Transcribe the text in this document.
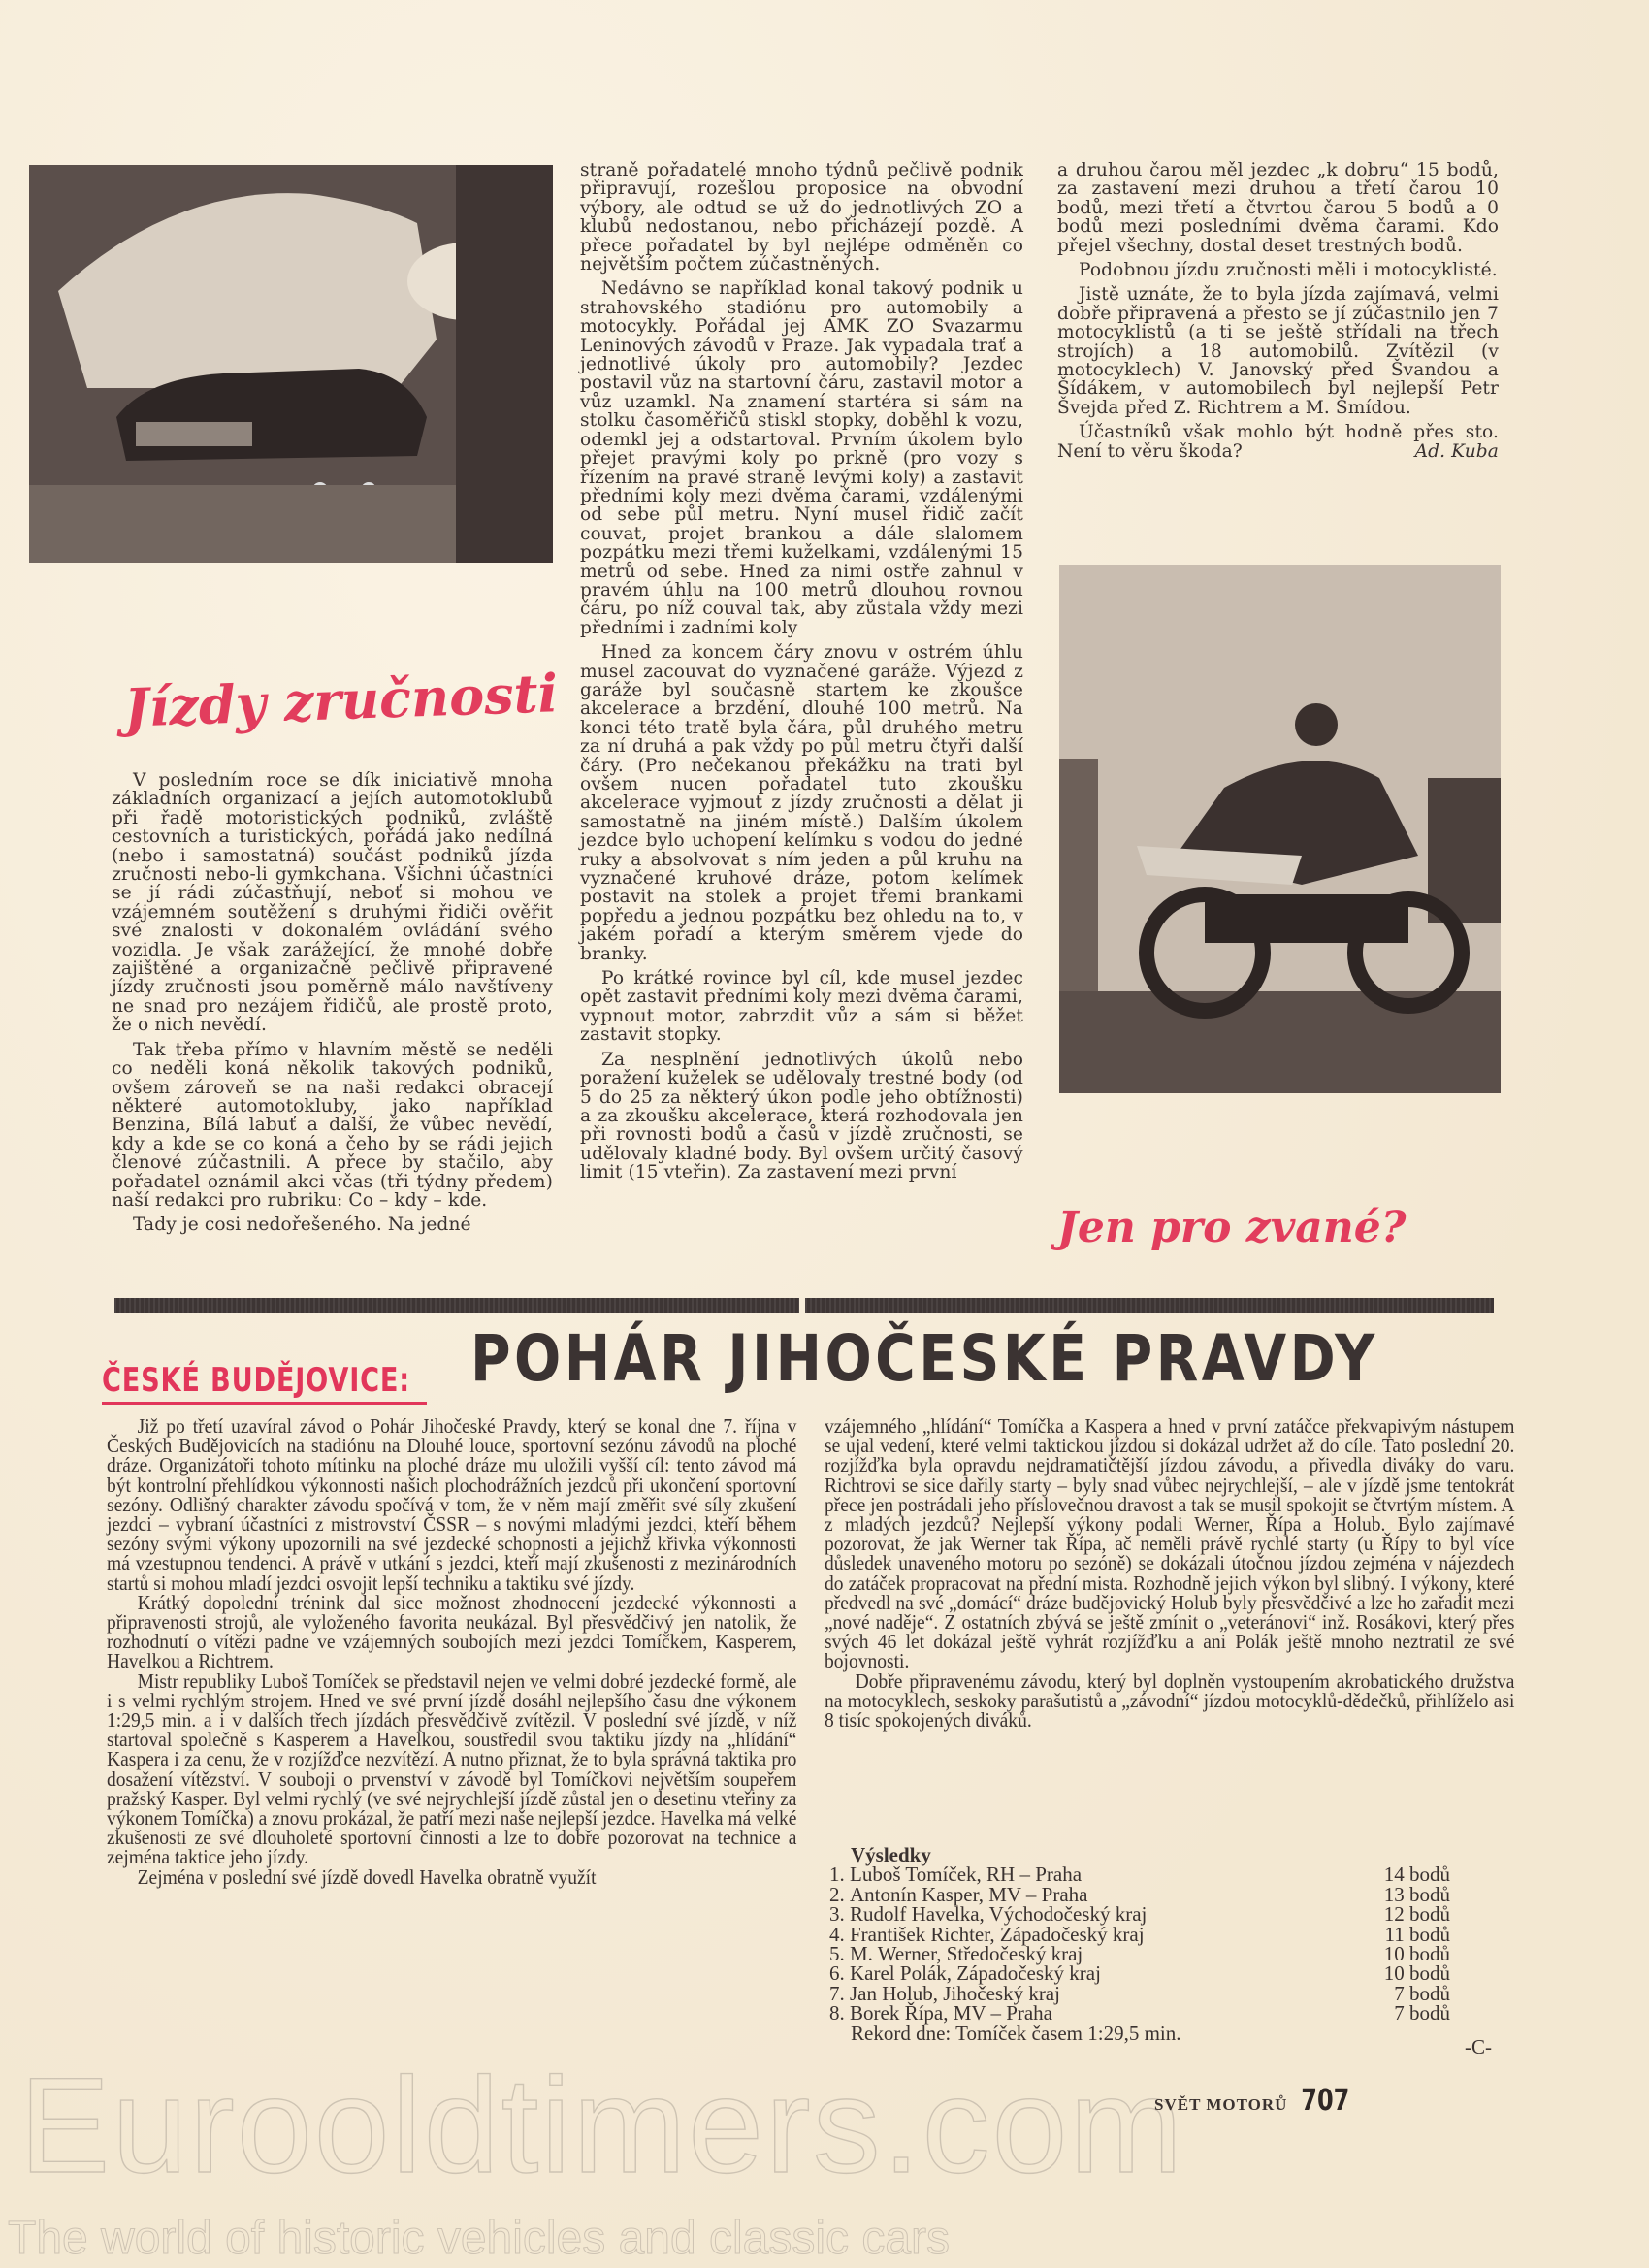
Jízdy zručnosti

V posledním roce se dík iniciativě mnoha základních organizací a jejích automotoklubů při řadě motoristických podniků, zvláště cestovních a turistických, pořádá jako nedílná (nebo i samostatná) součást podniků jízda zručnosti nebo-li gymkchana. Všichni účastníci se jí rádi zúčastňují, neboť si mohou ve vzájemném soutěžení s druhými řidiči ověřit své znalosti v dokonalém ovládání svého vozidla. Je však zarážející, že mnohé dobře zajištěné a organizačně pečlivě připravené jízdy zručnosti jsou poměrně málo navštíveny ne snad pro nezájem řidičů, ale prostě proto, že o nich nevědí.

Tak třeba přímo v hlavním městě se neděli co neděli koná několik takových podniků, ovšem zároveň se na naši redakci obracejí některé automotokluby, jako například Benzina, Bílá labuť a další, že vůbec nevědí, kdy a kde se co koná a čeho by se rádi jejich členové zúčastnili. A přece by stačilo, aby pořadatel oznámil akci včas (tři týdny předem) naší redakci pro rubriku: Co – kdy – kde.

Tady je cosi nedořešeného. Na jedné

straně pořadatelé mnoho týdnů pečlivě podnik připravují, rozešlou proposice na obvodní výbory, ale odtud se už do jednotlivých ZO a klubů nedostanou, nebo přicházejí pozdě. A přece pořadatel by byl nejlépe odměněn co největším počtem zúčastněných.

Nedávno se například konal takový podnik u strahovského stadiónu pro automobily a motocykly. Pořádal jej AMK ZO Svazarmu Leninových závodů v Praze. Jak vypadala trať a jednotlivé úkoly pro automobily? Jezdec postavil vůz na startovní čáru, zastavil motor a vůz uzamkl. Na znamení startéra si sám na stolku časoměřičů stiskl stopky, doběhl k vozu, odemkl jej a odstartoval. Prvním úkolem bylo přejet pravými koly po prkně (pro vozy s řízením na pravé straně levými koly) a zastavit předními koly mezi dvěma čarami, vzdálenými od sebe půl metru. Nyní musel řidič začít couvat, projet brankou a dále slalomem pozpátku mezi třemi kuželkami, vzdálenými 15 metrů od sebe. Hned za nimi ostře zahnul v pravém úhlu na 100 metrů dlouhou rovnou čáru, po níž couval tak, aby zůstala vždy mezi předními i zadními koly

Hned za koncem čáry znovu v ostrém úhlu musel zacouvat do vyznačené garáže. Výjezd z garáže byl současně startem ke zkoušce akcelerace a brzdění, dlouhé 100 metrů. Na konci této tratě byla čára, půl druhého metru za ní druhá a pak vždy po půl metru čtyři další čáry. (Pro nečekanou překážku na trati byl ovšem nucen pořadatel tuto zkoušku akcelerace vyjmout z jízdy zručnosti a dělat ji samostatně na jiném místě.) Dalším úkolem jezdce bylo uchopení kelímku s vodou do jedné ruky a absolvovat s ním jeden a půl kruhu na vyznačené kruhové dráze, potom kelímek postavit na stolek a projet třemi brankami popředu a jednou pozpátku bez ohledu na to, v jakém pořadí a kterým směrem vjede do branky.

Po krátké rovince byl cíl, kde musel jezdec opět zastavit předními koly mezi dvěma čarami, vypnout motor, zabrzdit vůz a sám si běžet zastavit stopky.

Za nesplnění jednotlivých úkolů nebo poražení kuželek se udělovaly trestné body (od 5 do 25 za některý úkon podle jeho obtížnosti) a za zkoušku akcelerace, která rozhodovala jen při rovnosti bodů a časů v jízdě zručnosti, se udělovaly kladné body. Byl ovšem určitý časový limit (15 vteřin). Za zastavení mezi první

a druhou čarou měl jezdec „k dobru“ 15 bodů, za zastavení mezi druhou a třetí čarou 10 bodů, mezi třetí a čtvrtou čarou 5 bodů a 0 bodů mezi posledními dvěma čarami. Kdo přejel všechny, dostal deset trestných bodů.

Podobnou jízdu zručnosti měli i motocyklisté.

Jistě uznáte, že to byla jízda zajímavá, velmi dobře připravená a přesto se jí zúčastnilo jen 7 motocyklistů (a ti se ještě střídali na třech strojích) a 18 automobilů. Zvítězil (v motocyklech) V. Janovský před Švandou a Šídákem, v automobilech byl nejlepší Petr Švejda před Z. Richtrem a M. Šmídou.

Účastníků však mohlo být hodně přes sto. Není to věru škoda?	Ad. Kuba
Jen pro zvané?
ČESKÉ BUDĚJOVICE: POHÁR JIHOČESKÉ PRAVDY

Již po třetí uzavíral závod o Pohár Jihočeské Pravdy, který se konal dne 7. října v Českých Budějovicích na stadiónu na Dlouhé louce, sportovní sezónu závodů na ploché dráze. Organizátoři tohoto mítinku na ploché dráze mu uložili vyšší cíl: tento závod má být kontrolní přehlídkou výkonnosti našich plochodrážních jezdců při ukončení sportovní sezóny. Odlišný charakter závodu spočívá v tom, že v něm mají změřit své síly zkušení jezdci – vybraní účastníci z mistrovství ČSSR – s novými mladými jezdci, kteří během sezóny svými výkony upozornili na své jezdecké schopnosti a jejichž křivka výkonnosti má vzestupnou tendenci. A právě v utkání s jezdci, kteří mají zkušenosti z mezinárodních startů si mohou mladí jezdci osvojit lepší techniku a taktiku své jízdy.

Krátký dopolední trénink dal sice možnost zhodnocení jezdecké výkonnosti a připravenosti strojů, ale vyloženého favorita neukázal. Byl přesvědčivý jen natolik, že rozhodnutí o vítězi padne ve vzájemných soubojích mezi jezdci Tomíčkem, Kasperem, Havelkou a Richtrem.

Mistr republiky Luboš Tomíček se představil nejen ve velmi dobré jezdecké formě, ale i s velmi rychlým strojem. Hned ve své první jízdě dosáhl nejlepšího času dne výkonem 1:29,5 min. a i v dalších třech jízdách přesvědčivě zvítězil. V poslední své jízdě, v níž startoval společně s Kasperem a Havelkou, soustředil svou taktiku jízdy na „hlídání“ Kaspera i za cenu, že v rozjížďce nezvítězí. A nutno přiznat, že to byla správná taktika pro dosažení vítězství. V souboji o prvenství v závodě byl Tomíčkovi největším soupeřem pražský Kasper. Byl velmi rychlý (ve své nejrychlejší jízdě zůstal jen o desetinu vteřiny za výkonem Tomíčka) a znovu prokázal, že patří mezi naše nejlepší jezdce. Havelka má velké zkušenosti ze své dlouholeté sportovní činnosti a lze to dobře pozorovat na technice a zejména taktice jeho jízdy.

Zejména v poslední své jízdě dovedl Havelka obratně využít

vzájemného „hlídání“ Tomíčka a Kaspera a hned v první zatáčce překvapivým nástupem se ujal vedení, které velmi taktickou jízdou si dokázal udržet až do cíle. Tato poslední 20. rozjížďka byla opravdu nejdramatičtější jízdou závodu, a přivedla diváky do varu. Richtrovi se sice dařily starty – byly snad vůbec nejrychlejší, – ale v jízdě jsme tentokrát přece jen postrádali jeho příslovečnou dravost a tak se musil spokojit se čtvrtým místem. A z mladých jezdců? Nejlepší výkony podali Werner, Řípa a Holub. Bylo zajímavé pozorovat, že jak Werner tak Řípa, ač neměli právě rychlé starty (u Řípy to byl více důsledek unaveného motoru po sezóně) se dokázali útočnou jízdou zejména v nájezdech do zatáček propracovat na přední mista. Rozhodně jejich výkon byl slibný. I výkony, které předvedl na své „domácí“ dráze budějovický Holub byly přesvědčivé a lze ho zařadit mezi „nové naděje“. Z ostatních zbývá se ještě zmínit o „veteránovi“ inž. Rosákovi, který přes svých 46 let dokázal ještě vyhrát rozjížďku a ani Polák ještě mnoho neztratil ze své bojovnosti.

Dobře připravenému závodu, který byl doplněn vystoupením akrobatického družstva na motocyklech, seskoky parašutistů a „závodní“ jízdou motocyklů-dědečků, přihlíželo asi 8 tisíc spokojených diváků.

Výsledky
1.
Luboš Tomíček, RH – Praha	14 bodů
2.
Antonín Kasper, MV – Praha	13 bodů
3.
Rudolf Havelka, Východočeský kraj	12 bodů
4.
František Richter, Západočeský kraj	11 bodů
5.
M. Werner, Středočeský kraj	10 bodů
6.
Karel Polák, Západočeský kraj	10 bodů
7.
Jan Holub, Jihočeský kraj	7 bodů
8.
Borek Řípa, MV – Praha	7 bodů
Rekord dne: Tomíček časem 1:29,5 min.
-C-
Eurooldtimers.com
The world of historic vehicles and classic cars
SVĚT MOTORŮ 707
